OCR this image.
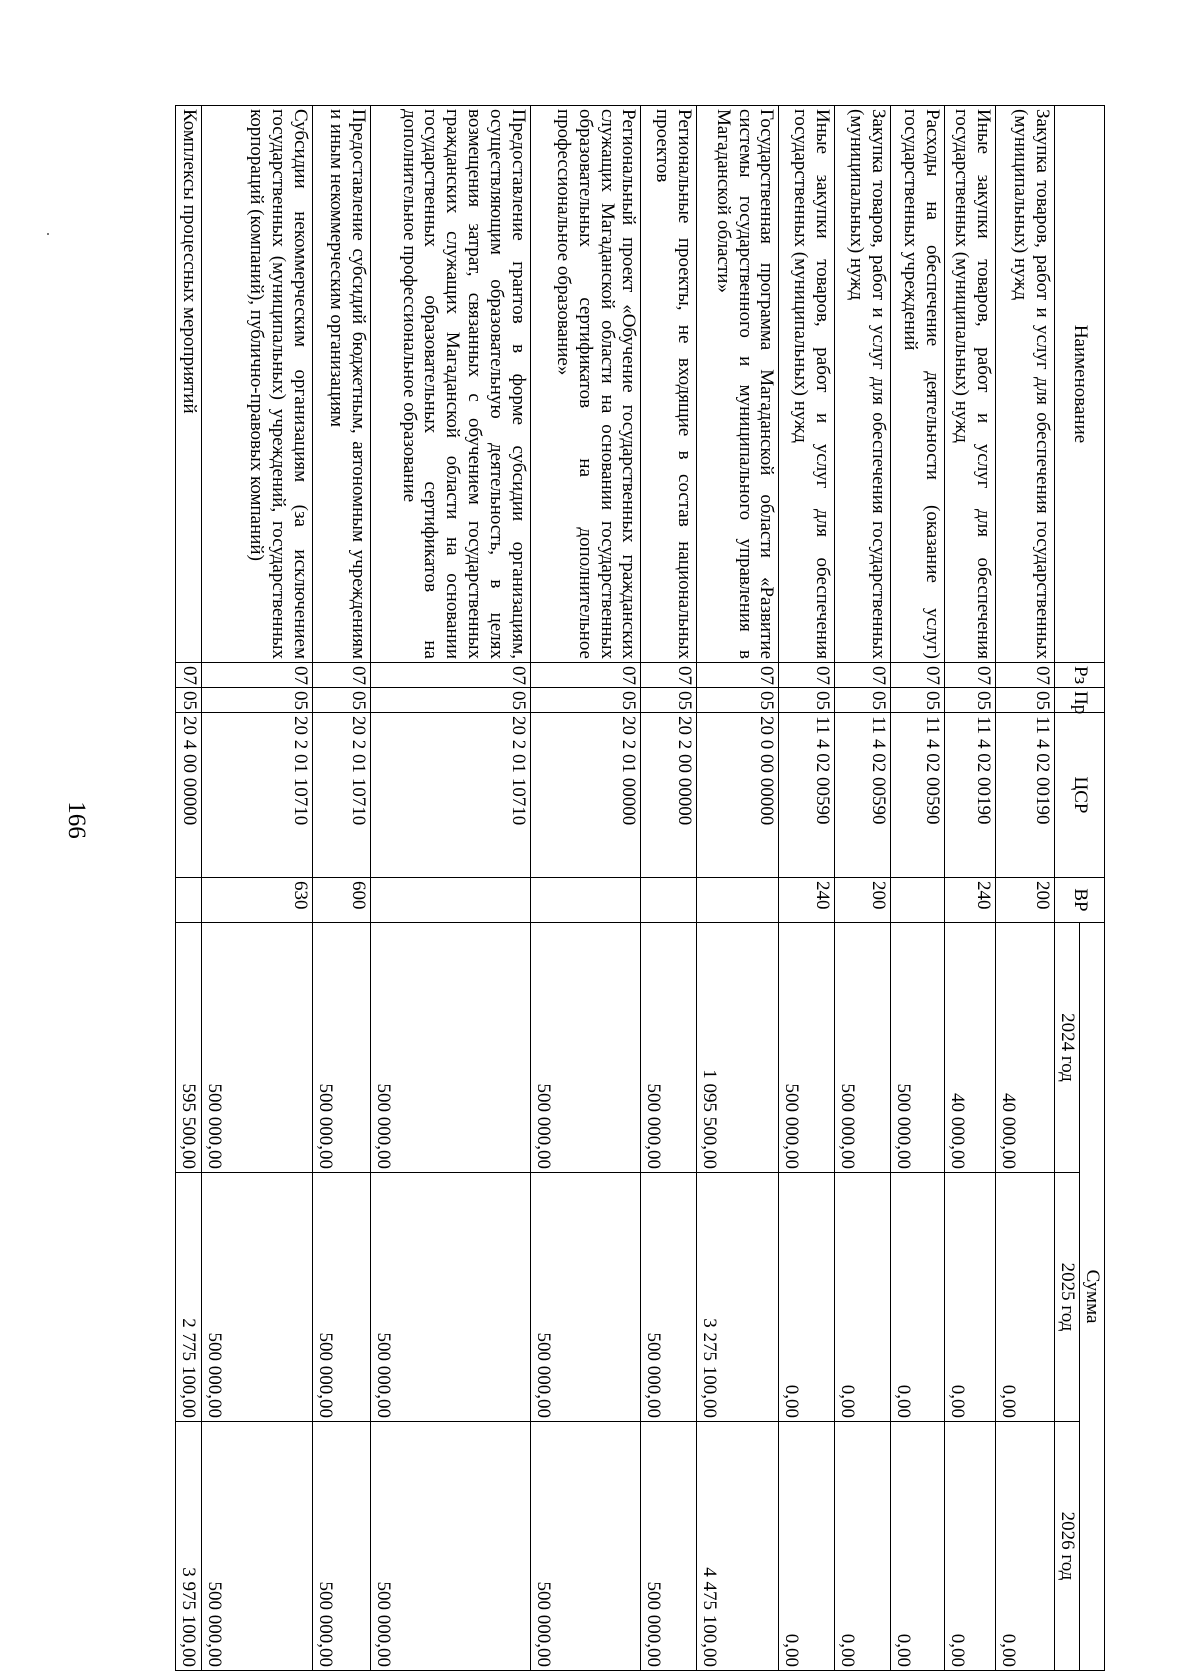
166
Наименование	Рз	Пр	ЦСР	ВР	Сумма		
					2024 год	2025 год	2026 год
Закупка товаров, работ и услуг для обеспечения государственных (муниципальных) нужд	07	05	11 4 02 00190	200	40 000,00	0,00	0,00
Иные закупки товаров, работ и услуг для обеспечения государственных (муниципальных) нужд	07	05	11 4 02 00190	240	40 000,00	0,00	0,00
Расходы на обеспечение деятельности (оказание услуг) государственных учреждений	07	05	11 4 02 00590		500 000,00	0,00	0,00
Закупка товаров, работ и услуг для обеспечения государственных (муниципальных) нужд	07	05	11 4 02 00590	200	500 000,00	0,00	0,00
Иные закупки товаров, работ и услуг для обеспечения государственных (муниципальных) нужд	07	05	11 4 02 00590	240	500 000,00	0,00	0,00
Государственная программа Магаданской области «Развитие системы государственного и муниципального управления в Магаданской области»	07	05	20 0 00 00000		1 095 500,00	3 275 100,00	4 475 100,00
Региональные проекты, не входящие в состав национальных проектов	07	05	20 2 00 00000		500 000,00	500 000,00	500 000,00
Региональный проект «Обучение государственных гражданских служащих Магаданской области на основании государственных образовательных сертификатов на дополнительное профессиональное образование»	07	05	20 2 01 00000		500 000,00	500 000,00	500 000,00
Предоставление грантов в форме субсидии организациям, осуществляющим образовательную деятельность, в целях возмещения затрат, связанных с обучением государственных гражданских служащих Магаданской области на основании государственных образовательных сертификатов на дополнительное профессиональное образование	07	05	20 2 01 10710		500 000,00	500 000,00	500 000,00
Предоставление субсидий бюджетным, автономным учреждениям и иным некоммерческим организациям	07	05	20 2 01 10710	600	500 000,00	500 000,00	500 000,00
Субсидии некоммерческим организациям (за исключением государственных (муниципальных) учреждений, государственных корпораций (компаний), публично-правовых компаний)	07	05	20 2 01 10710	630	500 000,00	500 000,00	500 000,00
Комплексы процессных мероприятий	07	05	20 4 00 00000		595 500,00	2 775 100,00	3 975 100,00
